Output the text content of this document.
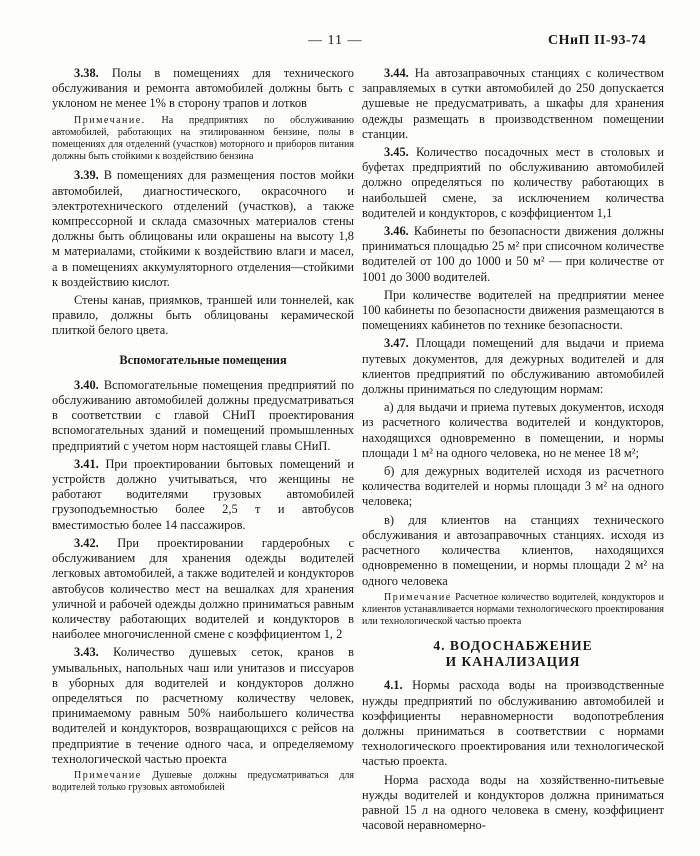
— 11 —	СНиП II-93-74

3.38. Полы в помещениях для технического обслуживания и ремонта автомобилей должны быть с уклоном не менее 1% в сторону трапов и лотков

Примечание. На предприятиях по обслуживанию автомобилей, работающих на этилированном бензине, полы в помещениях для отделений (участков) моторного и приборов питания должны быть стойкими к воздействию бензина

3.39. В помещениях для размещения постов мойки автомобилей, диагностического, окрасочного и электротехнического отделений (участков), а также компрессорной и склада смазочных материалов стены должны быть облицованы или окрашены на высоту 1,8 м материалами, стойкими к воздействию влаги и масел, а в помещениях аккумуляторного отделения—стойкими к воздействию кислот.

Стены канав, приямков, траншей или тоннелей, как правило, должны быть облицованы керамической плиткой белого цвета.

Вспомогательные помещения

3.40. Вспомогательные помещения предприятий по обслуживанию автомобилей должны предусматриваться в соответствии с главой СНиП проектирования вспомогательных зданий и помещений промышленных предприятий с учетом норм настоящей главы СНиП.

3.41. При проектировании бытовых помещений и устройств должно учитываться, что женщины не работают водителями грузовых автомобилей грузоподъемностью более 2,5 т и автобусов вместимостью более 14 пассажиров.

3.42. При проектировании гардеробных с обслуживанием для хранения одежды водителей легковых автомобилей, а также водителей и кондукторов автобусов количество мест на вешалках для хранения уличной и рабочей одежды должно приниматься равным количеству работающих водителей и кондукторов в наиболее многочисленной смене с коэффициентом 1, 2

3.43. Количество душевых сеток, кранов в умывальных, напольных чаш или унитазов и писсуаров в уборных для водителей и кондукторов должно определяться по расчетному количеству человек, принимаемому равным 50% наибольшего количества водителей и кондукторов, возвращающихся с рейсов на предприятие в течение одного часа, и определяемому технологической частью проекта

Примечание Душевые должны предусматриваться для водителей только грузовых автомобилей

3.44. На автозаправочных станциях с количеством заправляемых в сутки автомобилей до 250 допускается душевые не предусматривать, а шкафы для хранения одежды размещать в производственном помещении станции.

3.45. Количество посадочных мест в столовых и буфетах предприятий по обслуживанию автомобилей должно определяться по количеству работающих в наибольшей смене, за исключением количества водителей и кондукторов, с коэффициентом 1,1

3.46. Кабинеты по безопасности движения должны приниматься площадью 25 м² при списочном количестве водителей от 100 до 1000 и 50 м² — при количестве от 1001 до 3000 водителей.

При количестве водителей на предприятии менее 100 кабинеты по безопасности движения размещаются в помещениях кабинетов по технике безопасности.

3.47. Площади помещений для выдачи и приема путевых документов, для дежурных водителей и для клиентов предприятий по обслуживанию автомобилей должны приниматься по следующим нормам:

а) для выдачи и приема путевых документов, исходя из расчетного количества водителей и кондукторов, находящихся одновременно в помещении, и нормы площади 1 м² на одного человека, но не менее 18 м²;

б) для дежурных водителей исходя из расчетного количества водителей и нормы площади 3 м² на одного человека;

в) для клиентов на станциях технического обслуживания и автозаправочных станциях. исходя из расчетного количества клиентов, находящихся одновременно в помещении, и нормы площади 2 м² на одного человека

Примечание Расчетное количество водителей, кондукторов и клиентов устанавливается нормами технологического проектирования или технологической частью проекта
4. ВОДОСНАБЖЕНИЕ
И КАНАЛИЗАЦИЯ

4.1. Нормы расхода воды на производственные нужды предприятий по обслуживанию автомобилей и коэффициенты неравномерности водопотребления должны приниматься в соответствии с нормами технологического проектирования или технологической частью проекта.

Норма расхода воды на хозяйственно-питьевые нужды водителей и кондукторов должна приниматься равной 15 л на одного человека в смену, коэффициент часовой неравномерно-
